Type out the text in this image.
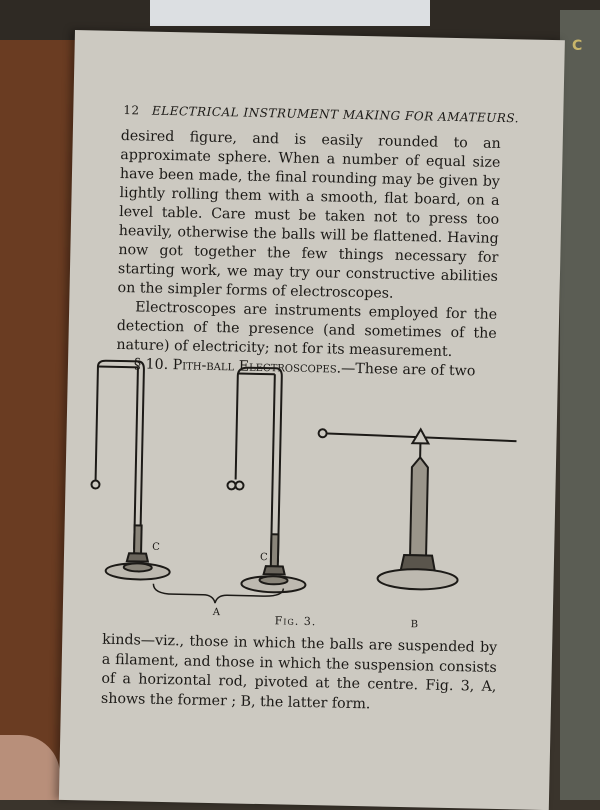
C
12 ELECTRICAL INSTRUMENT MAKING FOR AMATEURS.

desired figure, and is easily rounded to an approximate sphere. When a number of equal size have been made, the final rounding may be given by lightly rolling them with a smooth, flat board, on a level table. Care must be taken not to press too heavily, otherwise the balls will be flattened. Having now got together the few things necessary for starting work, we may try our constructive abilities on the simpler forms of electroscopes.

Electroscopes are instruments employed for the detection of the presence (and sometimes of the nature) of electricity; not for its measurement.

§ 10. Pith-ball Electroscopes.—These are of two

C
C
A
B
Fig. 3.
kinds—viz., those in which the balls are suspended by a filament, and those in which the suspension consists of a horizontal rod, pivoted at the centre. Fig. 3, A, shows the former ; B, the latter form.
